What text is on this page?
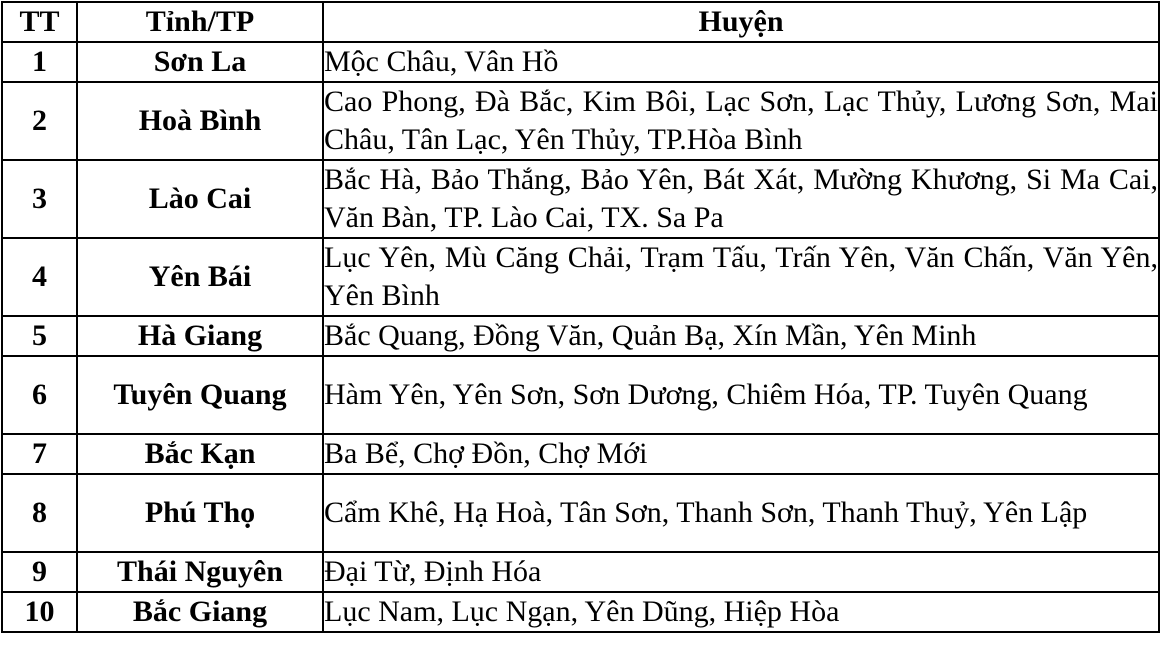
TT	Tỉnh/TP	Huyện
1	Sơn La	Mộc Châu, Vân Hồ
2	Hoà Bình	Cao Phong, Đà Bắc, Kim Bôi, Lạc Sơn, Lạc Thủy, Lương Sơn, Mai Châu, Tân Lạc, Yên Thủy, TP.Hòa Bình
3	Lào Cai	Bắc Hà, Bảo Thắng, Bảo Yên, Bát Xát, Mường Khương, Si Ma Cai, Văn Bàn, TP. Lào Cai, TX. Sa Pa
4	Yên Bái	Lục Yên, Mù Căng Chải, Trạm Tấu, Trấn Yên, Văn Chấn, Văn Yên, Yên Bình
5	Hà Giang	Bắc Quang, Đồng Văn, Quản Bạ, Xín Mần, Yên Minh
6	Tuyên Quang	Hàm Yên, Yên Sơn, Sơn Dương, Chiêm Hóa, TP. Tuyên Quang
7	Bắc Kạn	Ba Bể, Chợ Đồn, Chợ Mới
8	Phú Thọ	Cẩm Khê, Hạ Hoà, Tân Sơn, Thanh Sơn, Thanh Thuỷ, Yên Lập
9	Thái Nguyên	Đại Từ, Định Hóa
10	Bắc Giang	Lục Nam, Lục Ngạn, Yên Dũng, Hiệp Hòa
